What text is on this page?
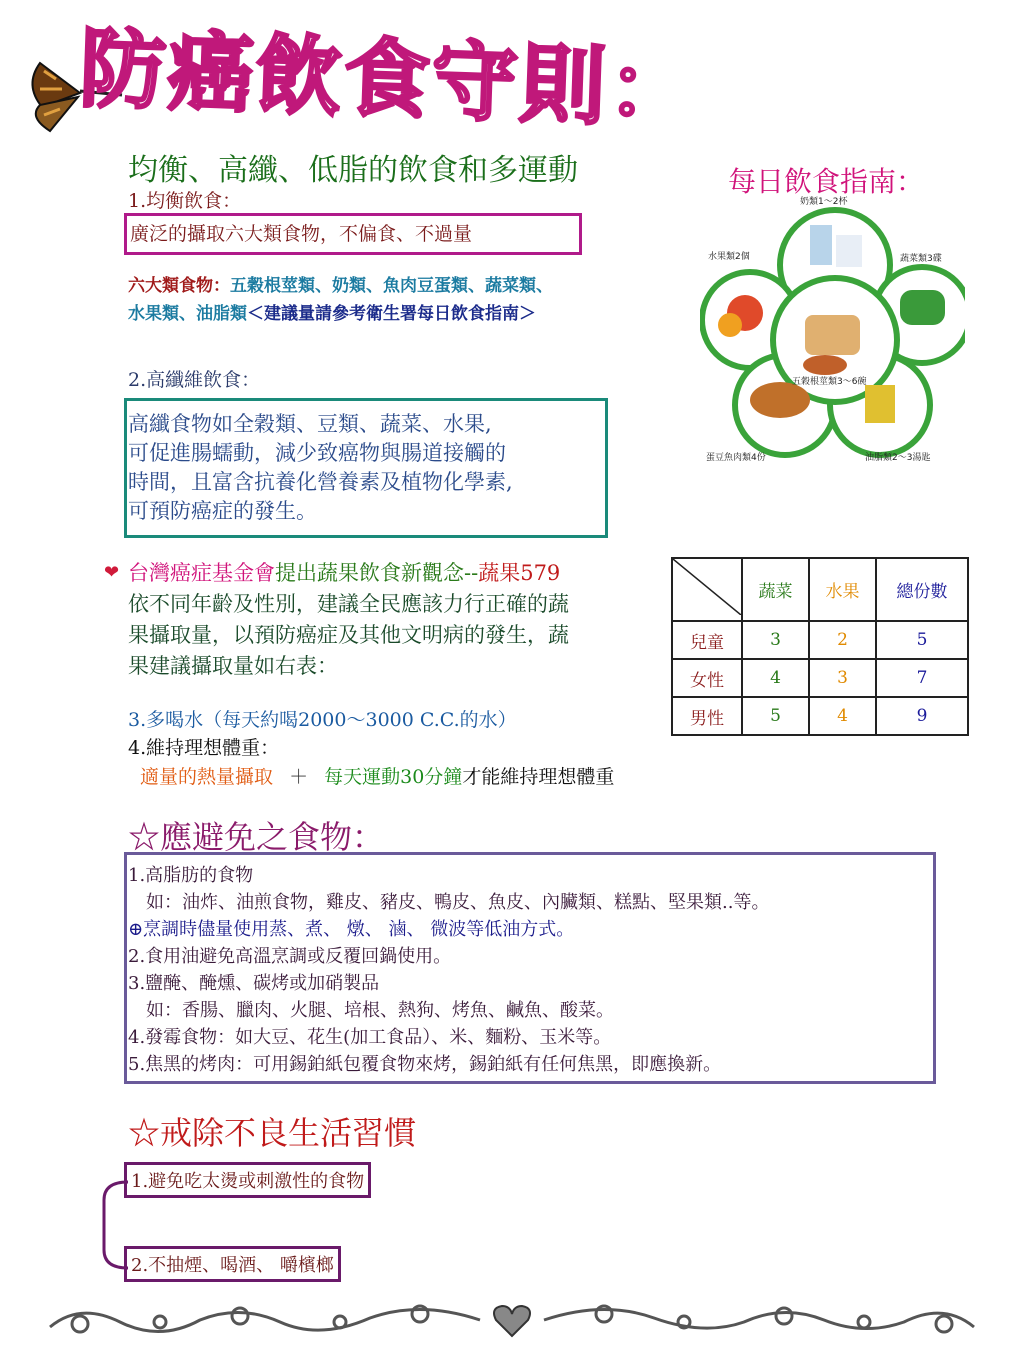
防癌飲食守則：
均衡、高纖、低脂的飲食和多運動	每日飲食指南：
奶類1～2杯
蔬菜類3碟
水果類2個
五穀根莖類3～6碗
蛋豆魚肉類4份	油脂類2～3湯匙
1.均衡飲食：
廣泛的攝取六大類食物，不偏食、不過量
六大類食物：五穀根莖類、奶類、魚肉豆蛋類、蔬菜類、
水果類、油脂類＜建議量請參考衛生署每日飲食指南＞
2.高纖維飲食：
高纖食物如全穀類、豆類、蔬菜、水果,
可促進腸蠕動，減少致癌物與腸道接觸的
時間，且富含抗養化營養素及植物化學素,
可預防癌症的發生。
❤ 台灣癌症基金會提出蔬果飲食新觀念--蔬果579
依不同年齡及性別，建議全民應該力行正確的蔬
果攝取量，以預防癌症及其他文明病的發生，蔬
果建議攝取量如右表：
	蔬菜	水果	總份數
兒童	3	2	5
女性	4	3	7
男性	5	4	9
3.多喝水（每天約喝2000～3000 C.C.的水）
4.維持理想體重：
適量的熱量攝取 ＋ 每天運動30分鐘才能維持理想體重
☆應避免之食物：
1.高脂肪的食物
　如：油炸、油煎食物，雞皮、豬皮、鴨皮、魚皮、內臟類、糕點、堅果類..等。
⊕烹調時儘量使用蒸、煮、 燉、 滷、 微波等低油方式。
2.食用油避免高溫烹調或反覆回鍋使用。
3.鹽醃、醃燻、碳烤或加硝製品
　如：香腸、臘肉、火腿、培根、熱狗、烤魚、鹹魚、酸菜。
4.發霉食物：如大豆、花生(加工食品）、米、麵粉、玉米等。
5.焦黑的烤肉：可用錫鉑紙包覆食物來烤，錫鉑紙有任何焦黑，即應換新。
☆戒除不良生活習慣
1.避免吃太燙或刺激性的食物
2.不抽煙、喝酒、 嚼檳榔
